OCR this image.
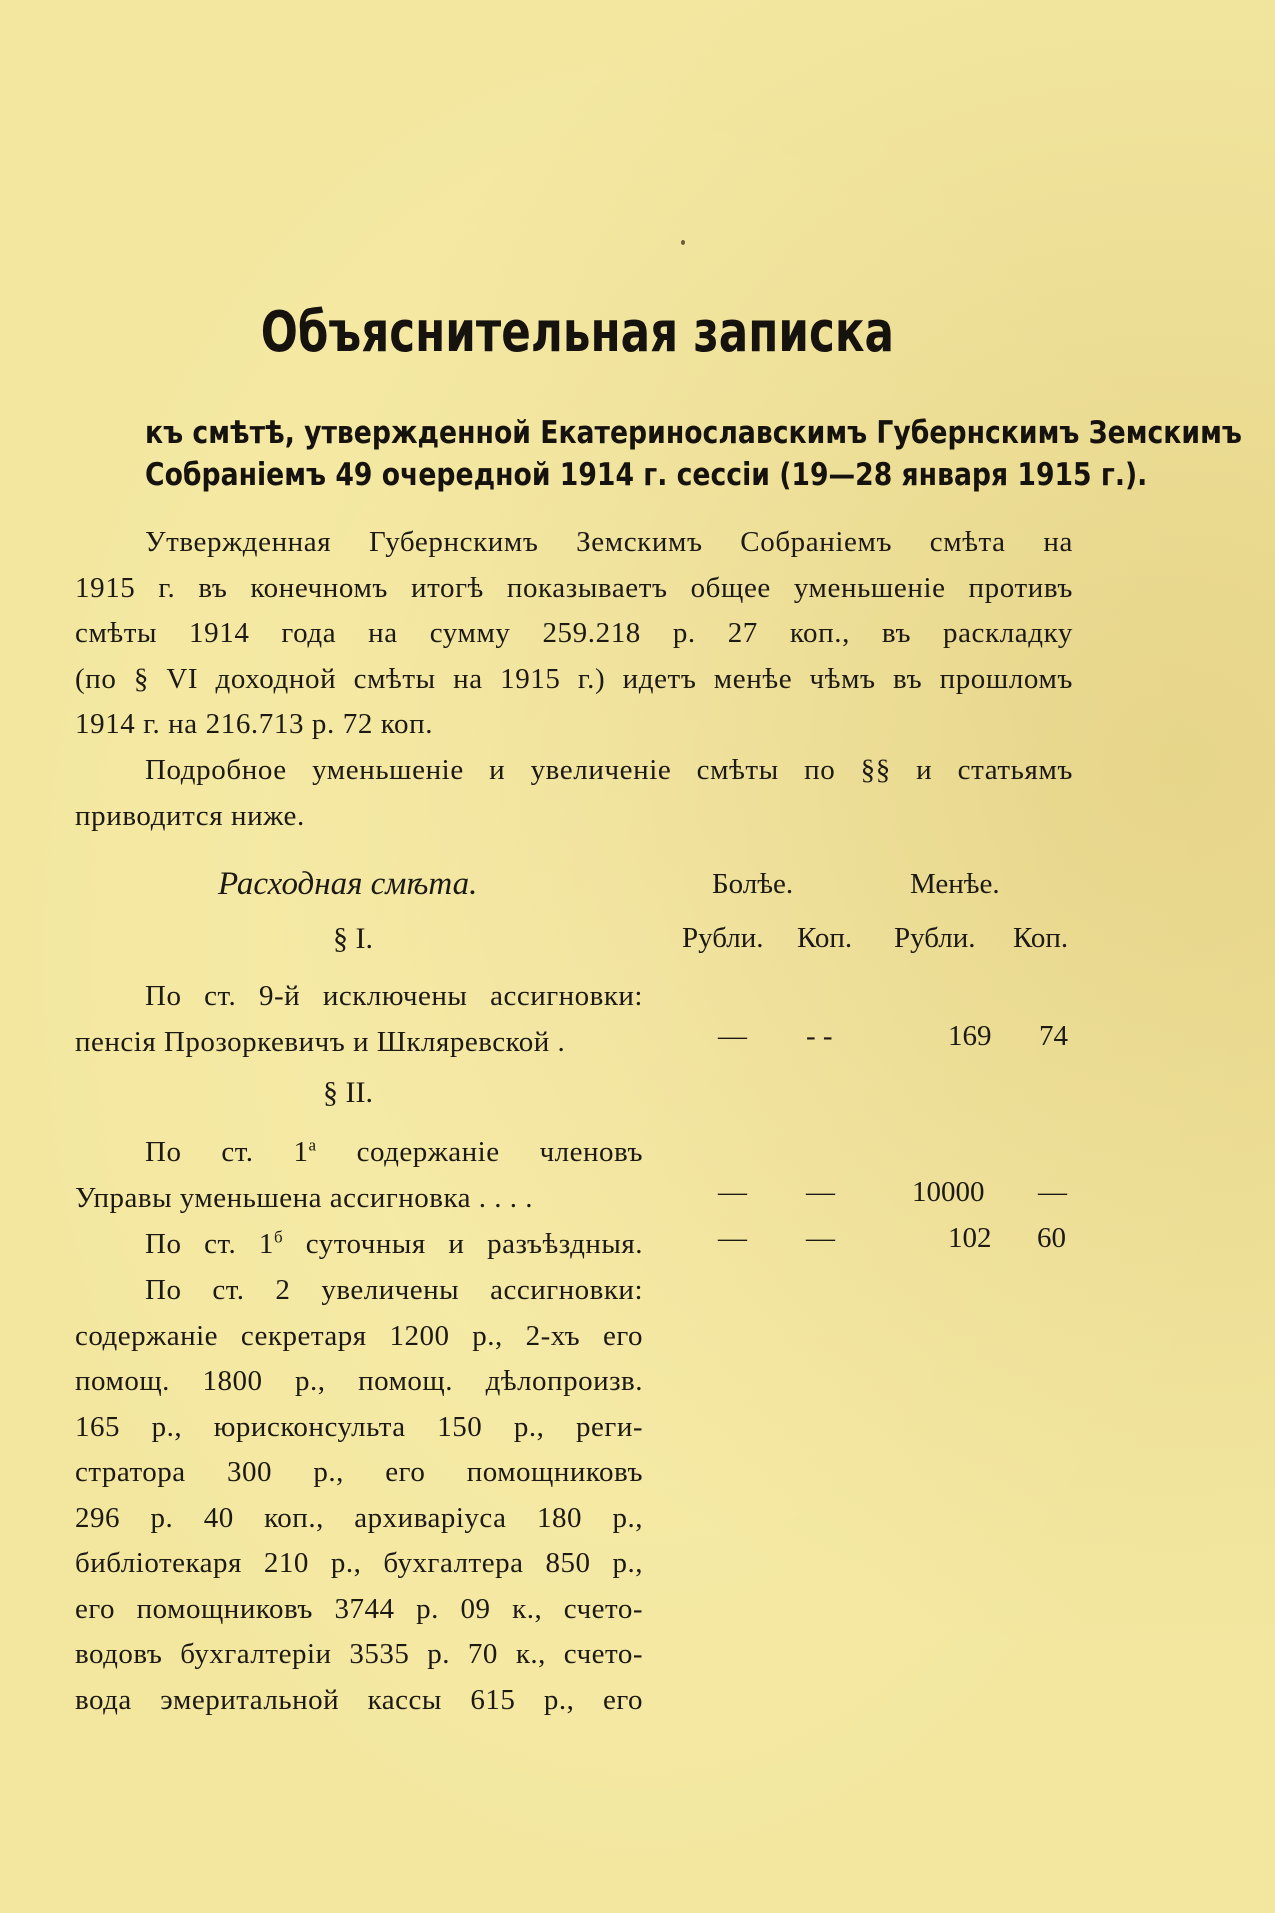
Объяснительная записка
къ смѣтѣ, утвержденной Екатеринославскимъ Губернскимъ Земскимъ
Собраніемъ 49 очередной 1914 г. сессіи (19—28 января 1915 г.).
Утвержденная Губернскимъ Земскимъ Собраніемъ смѣта на
1915 г. въ конечномъ итогѣ показываетъ общее уменьшеніе противъ
смѣты 1914 года на сумму 259.218 р. 27 коп., въ раскладку
(по § VI доходной смѣты на 1915 г.) идетъ менѣе чѣмъ въ прошломъ
1914 г. на 216.713 р. 72 коп.
Подробное уменьшеніе и увеличеніе смѣты по §§ и статьямъ
приводится ниже.
Расходная смѣта.	Болѣе.	Менѣе.
Рубли. Коп. Рубли. Коп.
§ I.
По ст. 9-й исключены ассигновки:
пенсія Прозоркевичъ и Шкляревской .	— - -	169 74
§ II.
По ст. $1^а$ содержаніе членовъ
Управы уменьшена ассигновка . . . .	— —	10000 —
По ст. $1^б$ суточныя и разъѣздныя.	— —	102 60
По ст. 2 увеличены ассигновки:
содержаніе секретаря 1200 р., 2-хъ его
помощ. 1800 р., помощ. дѣлопроизв.
165 р., юрисконсульта 150 р., реги-
стратора 300 р., его помощниковъ
296 р. 40 коп., архиваріуса 180 р.,
библіотекаря 210 р., бухгалтера 850 р.,
его помощниковъ 3744 р. 09 к., счето-
водовъ бухгалтеріи 3535 р. 70 к., счето-
вода эмеритальной кассы 615 р., его
